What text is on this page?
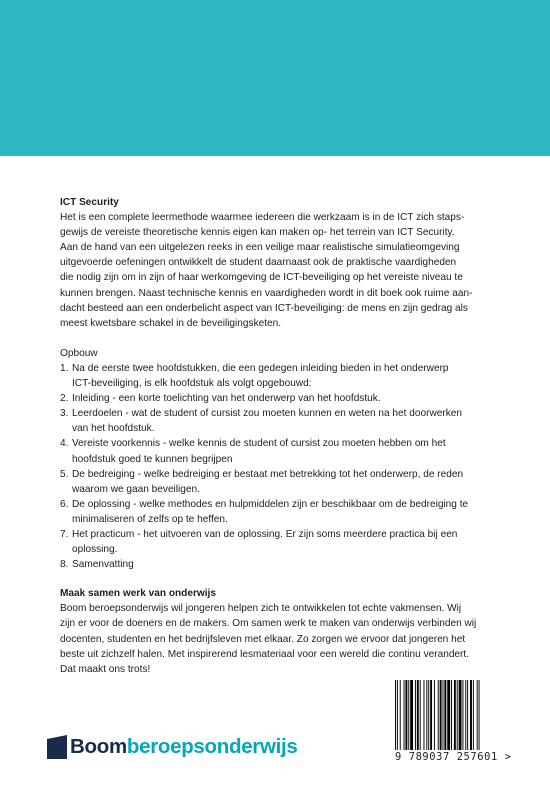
ICT Security
Het is een complete leermethode waarmee iedereen die werkzaam is in de ICT zich staps-
gewijs de vereiste theoretische kennis eigen kan maken op- het terrein van ICT Security.
Aan de hand van een uitgelezen reeks in een veilige maar realistische simulatieomgeving
uitgevoerde oefeningen ontwikkelt de student daarnaast ook de praktische vaardigheden
die nodig zijn om in zijn of haar werkomgeving de ICT-beveiliging op het vereiste niveau te
kunnen brengen. Naast technische kennis en vaardigheden wordt in dit boek ook ruime aan-
dacht besteed aan een onderbelicht aspect van ICT-beveiliging: de mens en zijn gedrag als
meest kwetsbare schakel in de beveiligingsketen.
Opbouw
1. Na de eerste twee hoofdstukken, die een gedegen inleiding bieden in het onderwerp
ICT-beveiliging, is elk hoofdstuk als volgt opgebouwd:
2. Inleiding - een korte toelichting van het onderwerp van het hoofdstuk.
3. Leerdoelen - wat de student of cursist zou moeten kunnen en weten na het doorwerken
van het hoofdstuk.
4. Vereiste voorkennis - welke kennis de student of cursist zou moeten hebben om het
hoofdstuk goed te kunnen begrijpen
5. De bedreiging - welke bedreiging er bestaat met betrekking tot het onderwerp, de reden
waarom we gaan beveiligen.
6. De oplossing - welke methodes en hulpmiddelen zijn er beschikbaar om de bedreiging te
minimaliseren of zelfs op te heffen.
7. Het practicum - het uitvoeren van de oplossing. Er zijn soms meerdere practica bij een
oplossing.
8. Samenvatting
Maak samen werk van onderwijs
Boom beroepsonderwijs wil jongeren helpen zich te ontwikkelen tot echte vakmensen. Wij
zijn er voor de doeners en de makers. Om samen werk te maken van onderwijs verbinden wij
docenten, studenten en het bedrijfsleven met elkaar. Zo zorgen we ervoor dat jongeren het
beste uit zichzelf halen. Met inspirerend lesmateriaal voor een wereld die continu verandert.
Dat maakt ons trots!
Boomberoepsonderwijs	9 789037 257601 >
